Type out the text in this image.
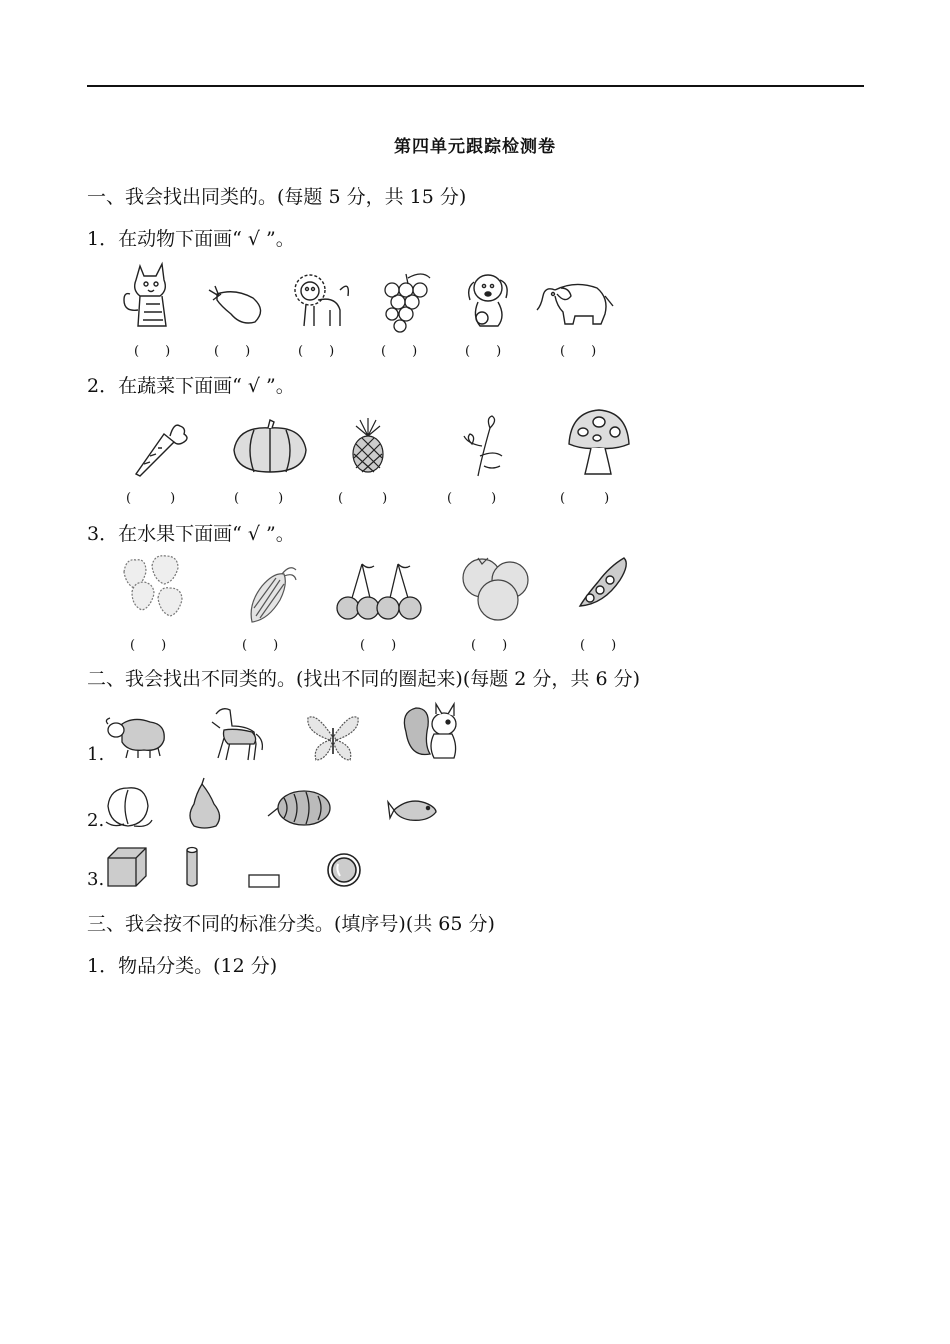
第四单元跟踪检测卷
一、我会找出同类的。(每题 5 分，共 15 分)
1．在动物下面画“ √ ”。
(　　)	(　　)	(　　)	(　　)	(　　)	(　　)
2．在蔬菜下面画“ √ ”。
(　　　)	(　　　)	(　　　)	(　　　)	(　　　)
3．在水果下面画“ √ ”。
(　　)	(　　)	(　　)	(　　)	(　　)
二、我会找出不同类的。(找出不同的圈起来)(每题 2 分，共 6 分)
1.
2.
3.
三、我会按不同的标准分类。(填序号)(共 65 分)
1．物品分类。(12 分)
